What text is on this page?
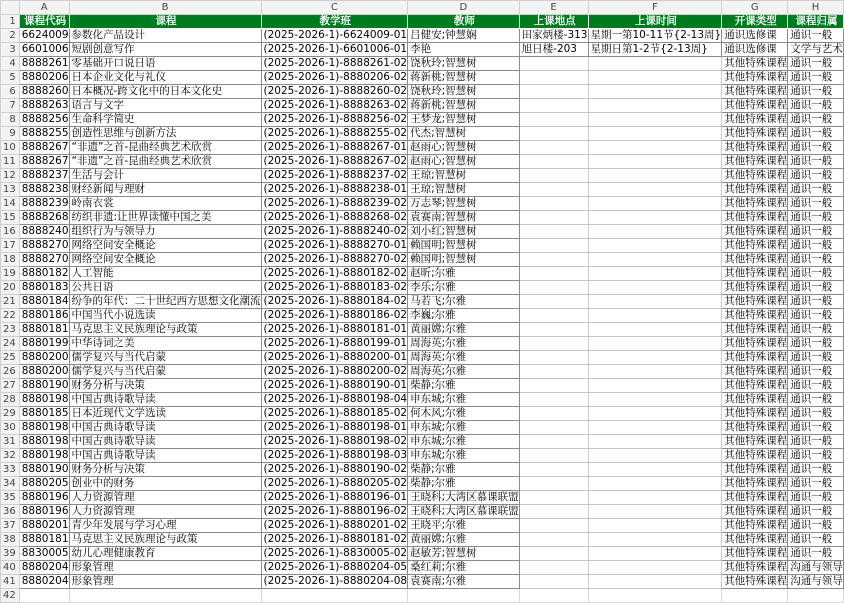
	A	B	C	D	E	F	G	H
1	课程代码	课程	教学班	教师	上课地点	上课时间	开课类型	课程归属
2	6624009	参数化产品设计	(2025-2026-1)-6624009-01	吕健安;钟慧娴	田家炳楼-313	星期一第10-11节{2-13周}	通识选修课	通识一般
3	6601006	短剧创意写作	(2025-2026-1)-6601006-01	李艳	旭日楼-203	星期日第1-2节{2-13周}	通识选修课	文学与艺术
4	8888261	零基础开口说日语	(2025-2026-1)-8888261-02	饶秋玲;智慧树			其他特殊课程	通识一般
5	8880206	日本企业文化与礼仪	(2025-2026-1)-8880206-02	蒋新桃;智慧树			其他特殊课程	通识一般
6	8888260	日本概况-跨文化中的日本文化史	(2025-2026-1)-8888260-02	饶秋玲;智慧树			其他特殊课程	通识一般
7	8888263	语言与文字	(2025-2026-1)-8888263-02	蒋新桃;智慧树			其他特殊课程	通识一般
8	8888256	生命科学简史	(2025-2026-1)-8888256-02	王梦龙;智慧树			其他特殊课程	通识一般
9	8888255	创造性思维与创新方法	(2025-2026-1)-8888255-02	代杰;智慧树			其他特殊课程	通识一般
10	8888267	“非遗”之首-昆曲经典艺术欣赏	(2025-2026-1)-8888267-01	赵雨心;智慧树			其他特殊课程	通识一般
11	8888267	“非遗”之首-昆曲经典艺术欣赏	(2025-2026-1)-8888267-02	赵雨心;智慧树			其他特殊课程	通识一般
12	8888237	生活与会计	(2025-2026-1)-8888237-02	王琼;智慧树			其他特殊课程	通识一般
13	8888238	财经新闻与理财	(2025-2026-1)-8888238-01	王琼;智慧树			其他特殊课程	通识一般
14	8888239	岭南衣裳	(2025-2026-1)-8888239-02	万志琴;智慧树			其他特殊课程	通识一般
15	8888268	纺织非遗:让世界读懂中国之美	(2025-2026-1)-8888268-02	袁赛南;智慧树			其他特殊课程	通识一般
16	8888240	组织行为与领导力	(2025-2026-1)-8888240-02	刘小红;智慧树			其他特殊课程	通识一般
17	8888270	网络空间安全概论	(2025-2026-1)-8888270-01	赖国明;智慧树			其他特殊课程	通识一般
18	8888270	网络空间安全概论	(2025-2026-1)-8888270-02	赖国明;智慧树			其他特殊课程	通识一般
19	8880182	人工智能	(2025-2026-1)-8880182-02	赵昕;尔雅			其他特殊课程	通识一般
20	8880183	公共日语	(2025-2026-1)-8880183-02	李乐;尔雅			其他特殊课程	通识一般
21	8880184	纷争的年代：二十世纪西方思想文化潮流	(2025-2026-1)-8880184-02	马若飞;尔雅			其他特殊课程	通识一般
22	8880186	中国当代小说选读	(2025-2026-1)-8880186-02	李巍;尔雅			其他特殊课程	通识一般
23	8880181	马克思主义民族理论与政策	(2025-2026-1)-8880181-01	黄丽嫦;尔雅			其他特殊课程	通识一般
24	8880199	中华诗词之美	(2025-2026-1)-8880199-01	周海英;尔雅			其他特殊课程	通识一般
25	8880200	儒学复兴与当代启蒙	(2025-2026-1)-8880200-01	周海英;尔雅			其他特殊课程	通识一般
26	8880200	儒学复兴与当代启蒙	(2025-2026-1)-8880200-02	周海英;尔雅			其他特殊课程	通识一般
27	8880190	财务分析与决策	(2025-2026-1)-8880190-01	柴静;尔雅			其他特殊课程	通识一般
28	8880198	中国古典诗歌导读	(2025-2026-1)-8880198-04	申东城;尔雅			其他特殊课程	通识一般
29	8880185	日本近现代文学选读	(2025-2026-1)-8880185-02	何木风;尔雅			其他特殊课程	通识一般
30	8880198	中国古典诗歌导读	(2025-2026-1)-8880198-01	申东城;尔雅			其他特殊课程	通识一般
31	8880198	中国古典诗歌导读	(2025-2026-1)-8880198-02	申东城;尔雅			其他特殊课程	通识一般
32	8880198	中国古典诗歌导读	(2025-2026-1)-8880198-03	申东城;尔雅			其他特殊课程	通识一般
33	8880190	财务分析与决策	(2025-2026-1)-8880190-02	柴静;尔雅			其他特殊课程	通识一般
34	8880205	创业中的财务	(2025-2026-1)-8880205-02	柴静;尔雅			其他特殊课程	通识一般
35	8880196	人力资源管理	(2025-2026-1)-8880196-01	王晓科;大湾区慕课联盟			其他特殊课程	通识一般
36	8880196	人力资源管理	(2025-2026-1)-8880196-02	王晓科;大湾区慕课联盟			其他特殊课程	通识一般
37	8880201	青少年发展与学习心理	(2025-2026-1)-8880201-02	王晓平;尔雅			其他特殊课程	通识一般
38	8880181	马克思主义民族理论与政策	(2025-2026-1)-8880181-02	黄丽嫦;尔雅			其他特殊课程	通识一般
39	8830005	幼儿心理健康教育	(2025-2026-1)-8830005-02	赵敏芳;智慧树			其他特殊课程	通识一般
40	8880204	形象管理	(2025-2026-1)-8880204-05	桑红莉;尔雅			其他特殊课程	沟通与领导
41	8880204	形象管理	(2025-2026-1)-8880204-08	袁赛南;尔雅			其他特殊课程	沟通与领导
42								
